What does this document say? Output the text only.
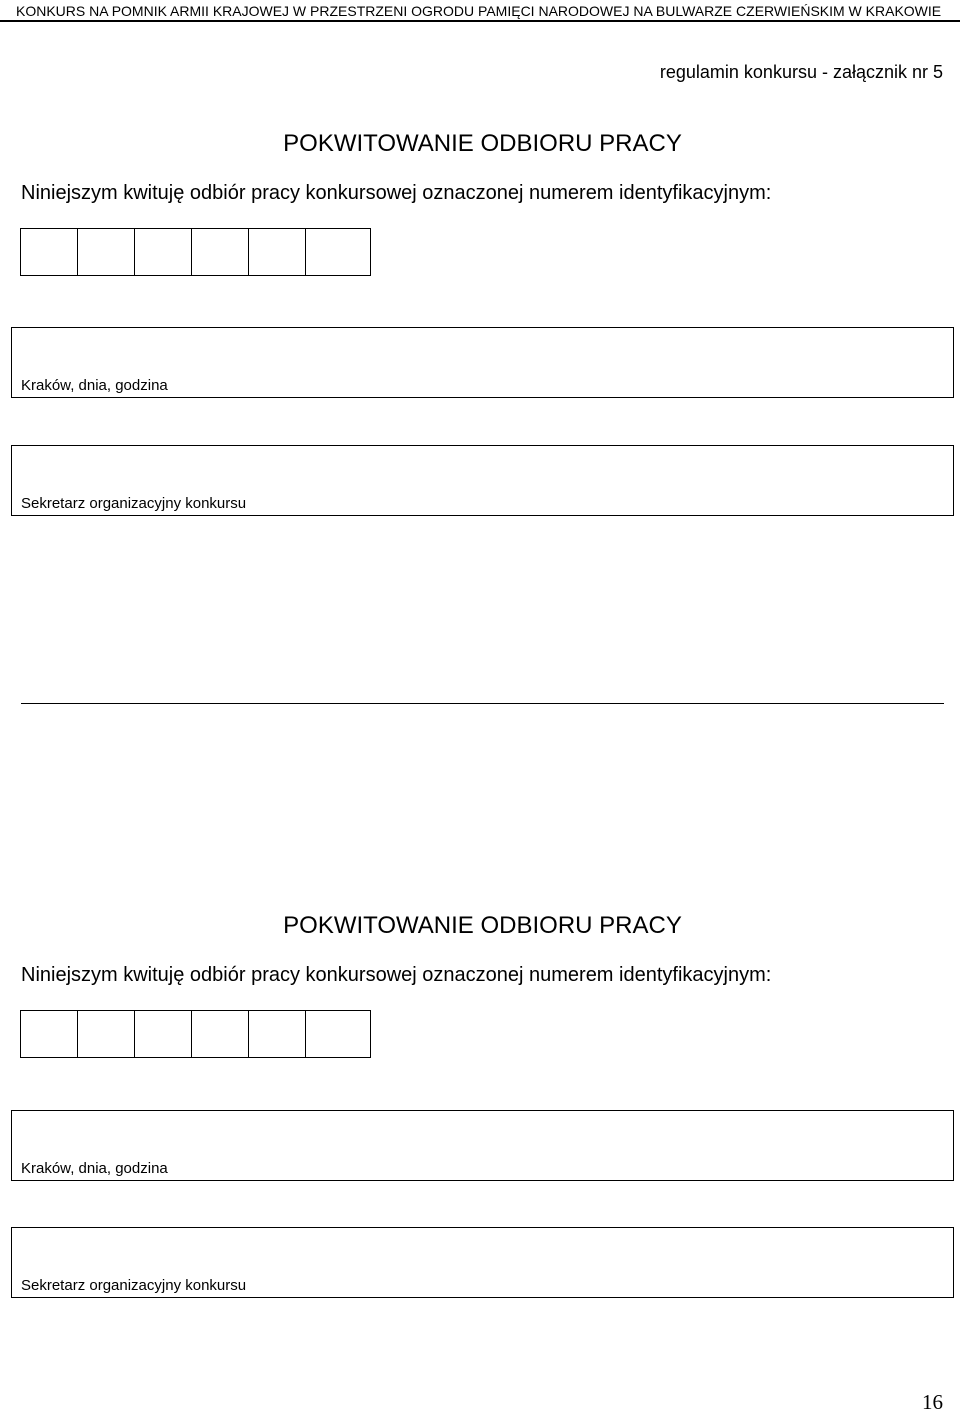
KONKURS NA POMNIK ARMII KRAJOWEJ W PRZESTRZENI OGRODU PAMIĘCI NARODOWEJ NA BULWARZE CZERWIEŃSKIM W KRAKOWIE
regulamin konkursu - załącznik nr 5
POKWITOWANIE ODBIORU PRACY
Niniejszym kwituję odbiór pracy konkursowej oznaczonej numerem identyfikacyjnym:
Kraków, dnia, godzina
Sekretarz organizacyjny konkursu
POKWITOWANIE ODBIORU PRACY
Niniejszym kwituję odbiór pracy konkursowej oznaczonej numerem identyfikacyjnym:
Kraków, dnia, godzina
Sekretarz organizacyjny konkursu
16
